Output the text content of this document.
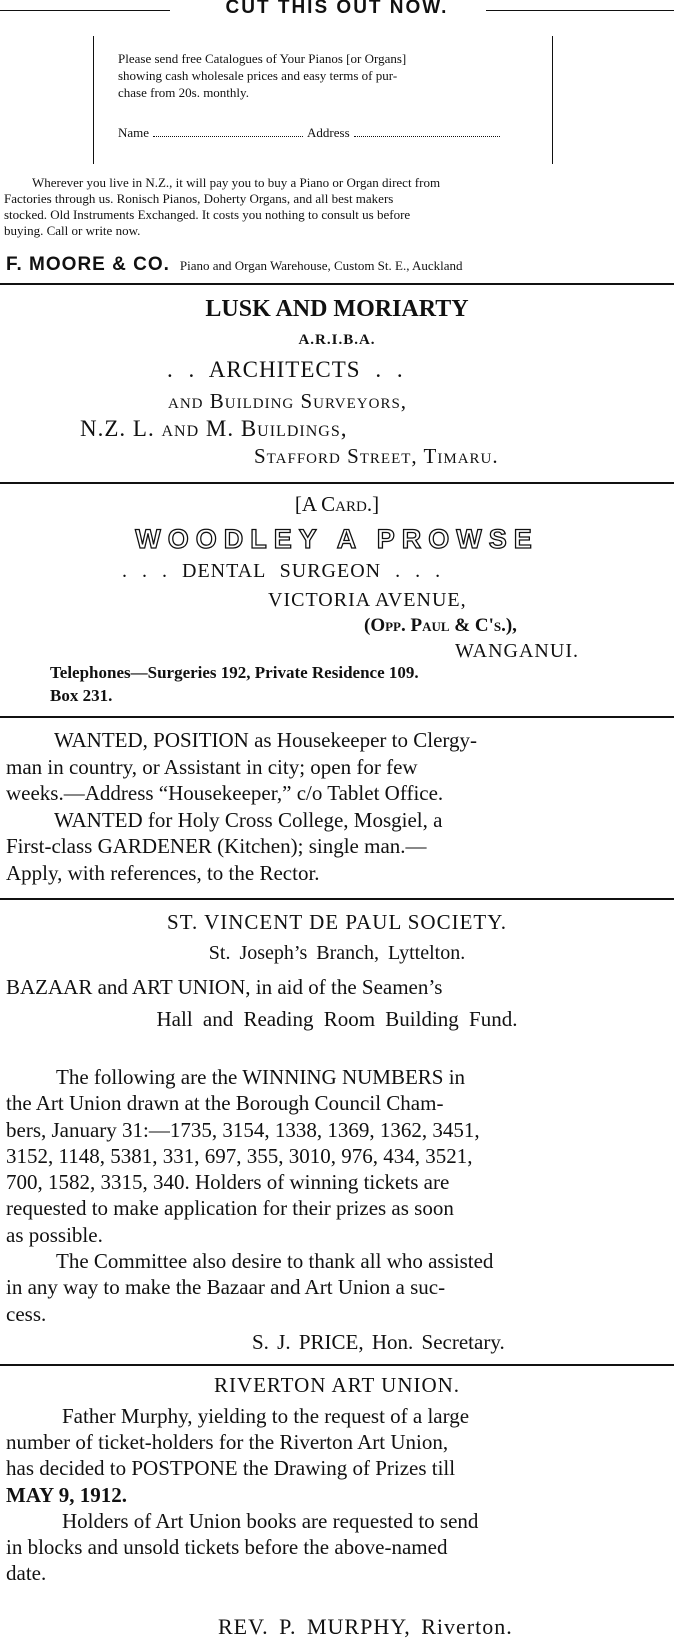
CUT THIS OUT NOW.
Please send free Catalogues of Your Pianos [or Organs]
showing cash wholesale prices and easy terms of pur-
chase from 20s. monthly.
Name	Address
Wherever you live in N.Z., it will pay you to buy a Piano or Organ direct from
Factories through us. Ronisch Pianos, Doherty Organs, and all best makers
stocked. Old Instruments Exchanged. It costs you nothing to consult us before
buying. Call or write now.
F. MOORE & CO. Piano and Organ Warehouse, Custom St. E., Auckland
LUSK AND MORIARTY
A.R.I.B.A.
. . ARCHITECTS . .
and Building Surveyors,
N.Z. L. and M. Buildings,
Stafford Street, Timaru.
[A Card.]
WOODLEY A PROWSE
. . . DENTAL SURGEON . . .
VICTORIA AVENUE,
(Opp. Paul & C's.),
WANGANUI.
Telephones—Surgeries 192, Private Residence 109.
Box 231.
WANTED, POSITION as Housekeeper to Clergy-
man in country, or Assistant in city; open for few
weeks.—Address “Housekeeper,” c/o Tablet Office.
WANTED for Holy Cross College, Mosgiel, a
First-class GARDENER (Kitchen); single man.—
Apply, with references, to the Rector.
ST. VINCENT DE PAUL SOCIETY.
St. Joseph’s Branch, Lyttelton.
BAZAAR and ART UNION, in aid of the Seamen’s
Hall and Reading Room Building Fund.
The following are the WINNING NUMBERS in
the Art Union drawn at the Borough Council Cham-
bers, January 31:—1735, 3154, 1338, 1369, 1362, 3451,
3152, 1148, 5381, 331, 697, 355, 3010, 976, 434, 3521,
700, 1582, 3315, 340. Holders of winning tickets are
requested to make application for their prizes as soon
as possible.
The Committee also desire to thank all who assisted
in any way to make the Bazaar and Art Union a suc-
cess.
S. J. PRICE, Hon. Secretary.
RIVERTON ART UNION.
Father Murphy, yielding to the request of a large
number of ticket-holders for the Riverton Art Union,
has decided to POSTPONE the Drawing of Prizes till
MAY 9, 1912.
Holders of Art Union books are requested to send
in blocks and unsold tickets before the above-named
date.
REV. P. MURPHY, Riverton.
